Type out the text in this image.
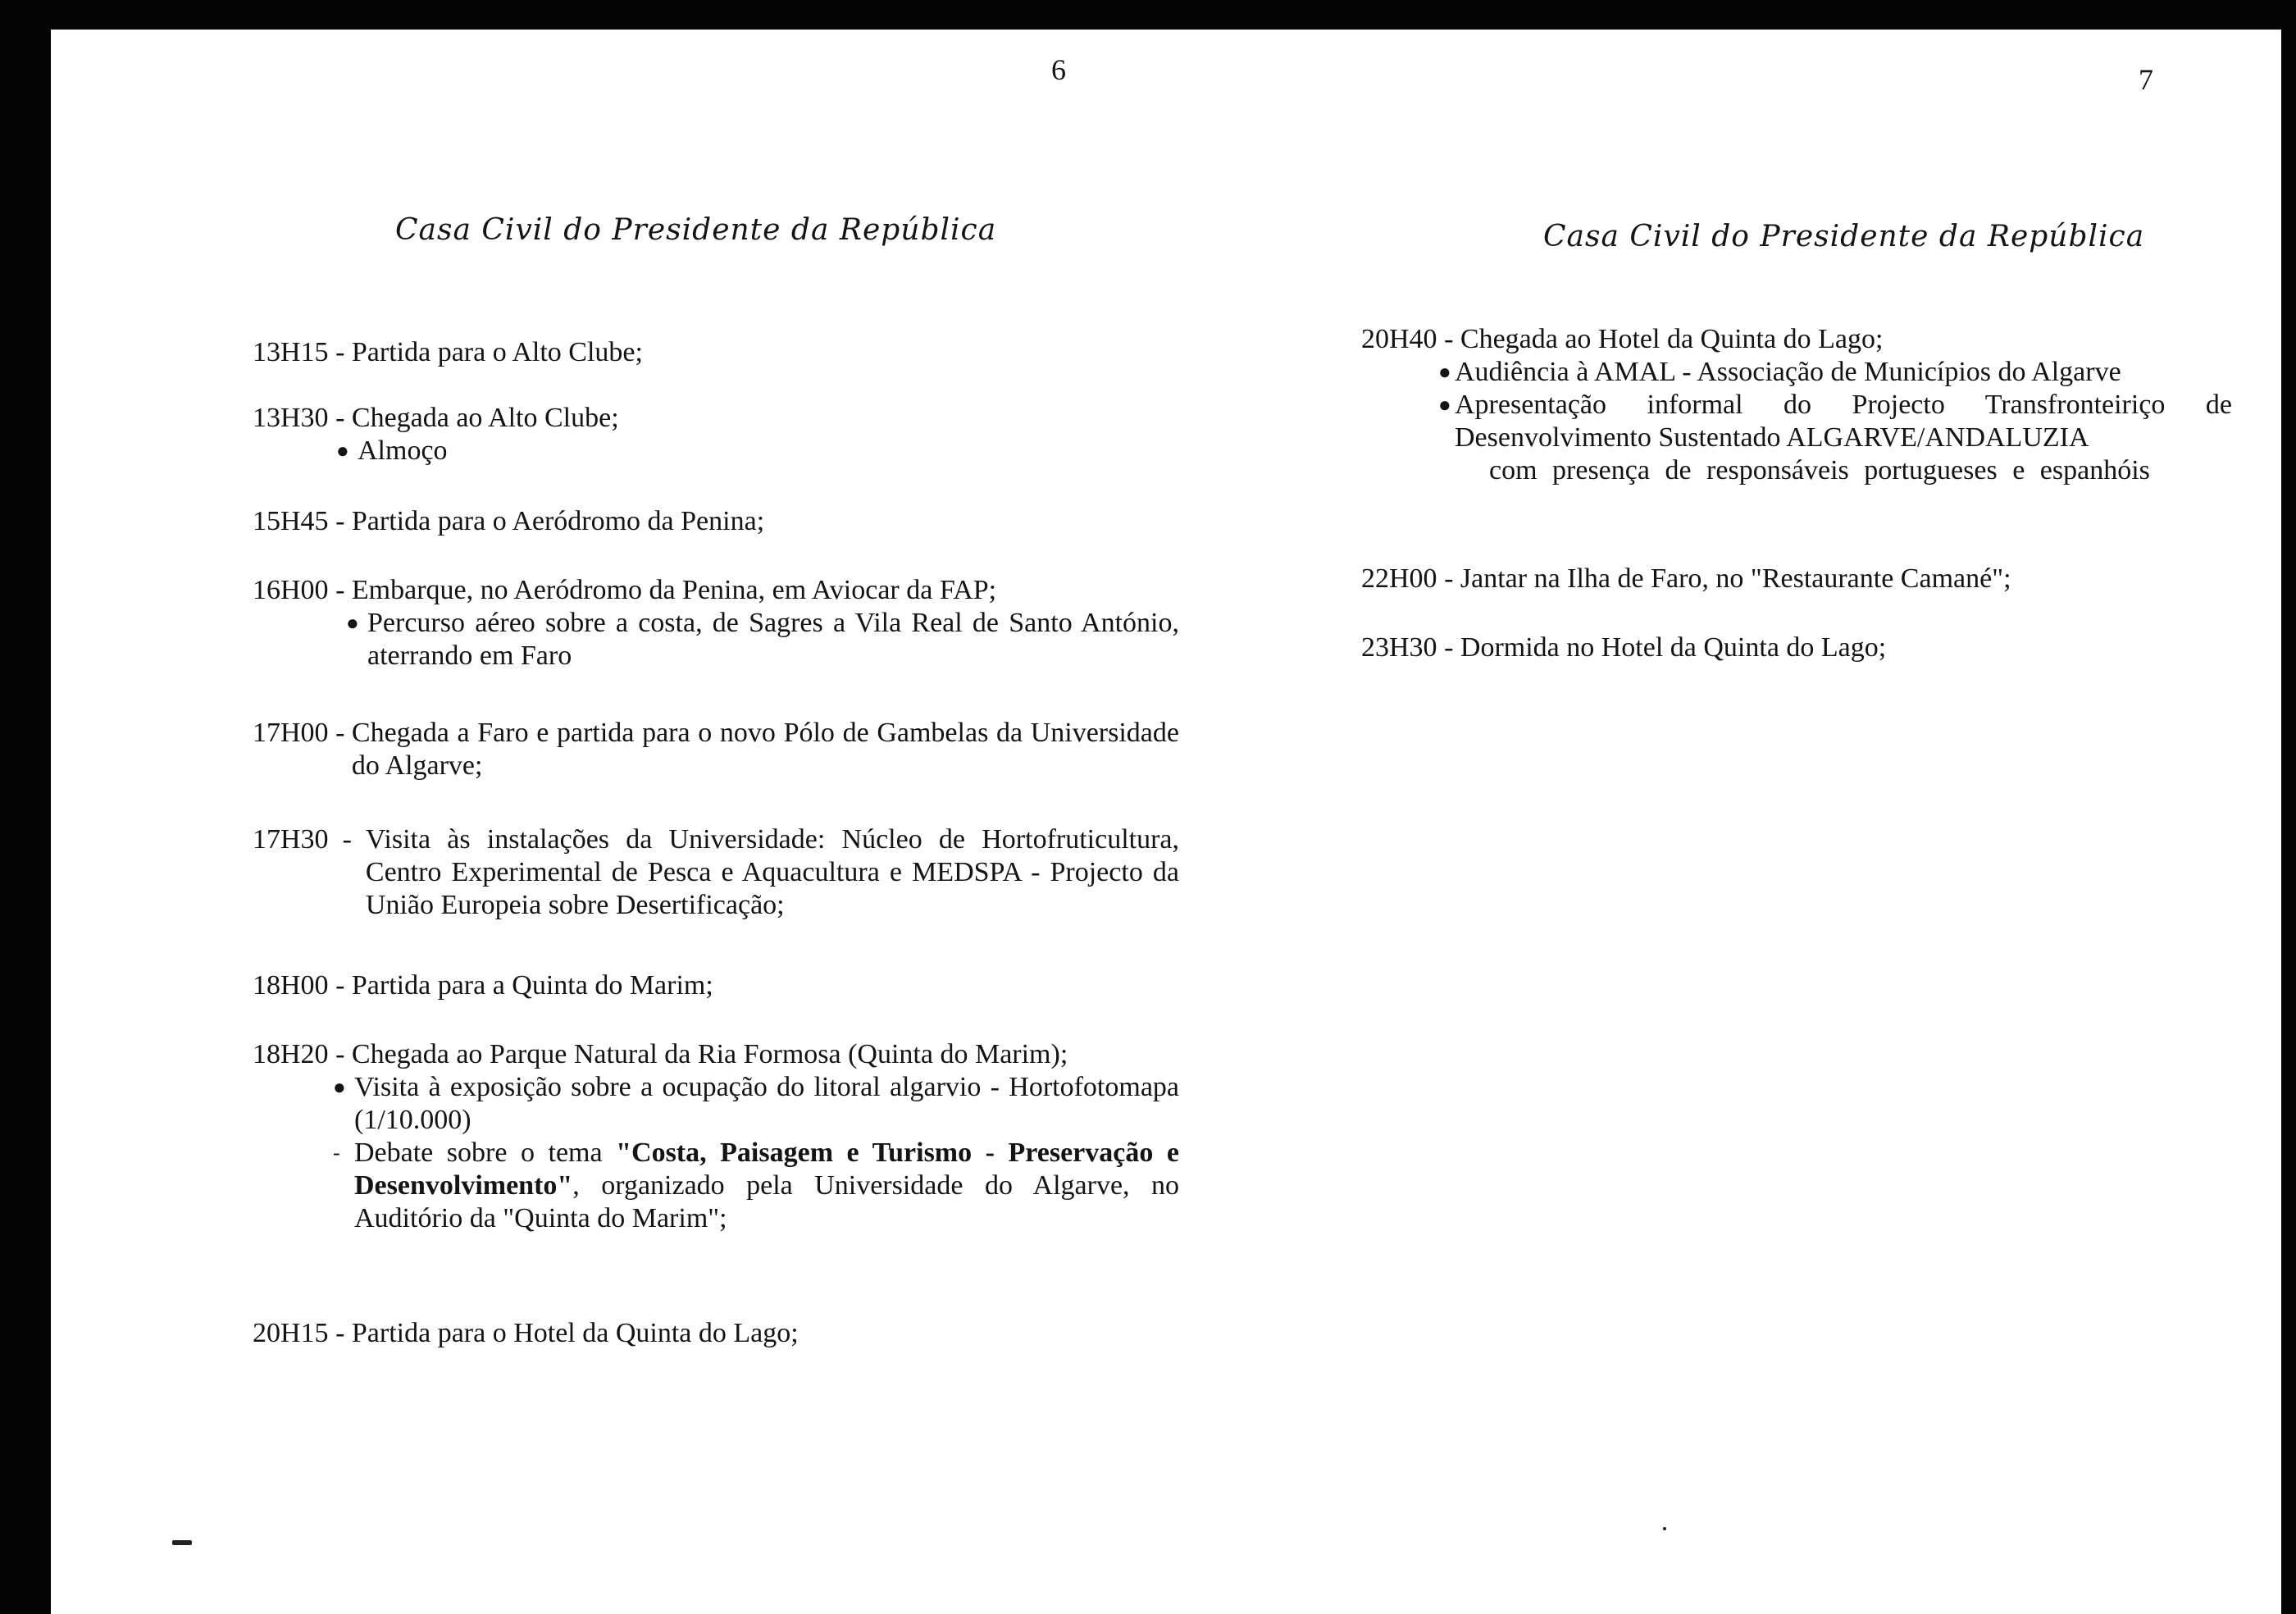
6
Casa Civil do Presidente da República
13H15 - Partida para o Alto Clube;
13H30 - Chegada ao Alto Clube;
● Almoço
15H45 - Partida para o Aeródromo da Penina;
16H00 - Embarque, no Aeródromo da Penina, em Aviocar da FAP;
● Percurso aéreo sobre a costa, de Sagres a Vila Real de Santo António, aterrando em Faro
17H00 - Chegada a Faro e partida para o novo Pólo de Gambelas da Universidade do Algarve;
17H30 - Visita às instalações da Universidade: Núcleo de Hortofruticultura, Centro Experimental de Pesca e Aquacultura e MEDSPA - Projecto da União Europeia sobre Desertificação;
18H00 - Partida para a Quinta do Marim;
18H20 - Chegada ao Parque Natural da Ria Formosa (Quinta do Marim);
● Visita à exposição sobre a ocupação do litoral algarvio - Hortofotomapa (1/10.000)
- Debate sobre o tema "Costa, Paisagem e Turismo - Preservação e Desenvolvimento", organizado pela Universidade do Algarve, no Auditório da "Quinta do Marim";
20H15 - Partida para o Hotel da Quinta do Lago;
7
Casa Civil do Presidente da República
20H40 - Chegada ao Hotel da Quinta do Lago;
● Audiência à AMAL - Associação de Municípios do Algarve
● Apresentação informal do Projecto Transfronteiriço de Desenvolvimento Sustentado ALGARVE/ANDALUZIA
com presença de responsáveis portugueses e espanhóis
22H00 - Jantar na Ilha de Faro, no "Restaurante Camané";
23H30 - Dormida no Hotel da Quinta do Lago;
